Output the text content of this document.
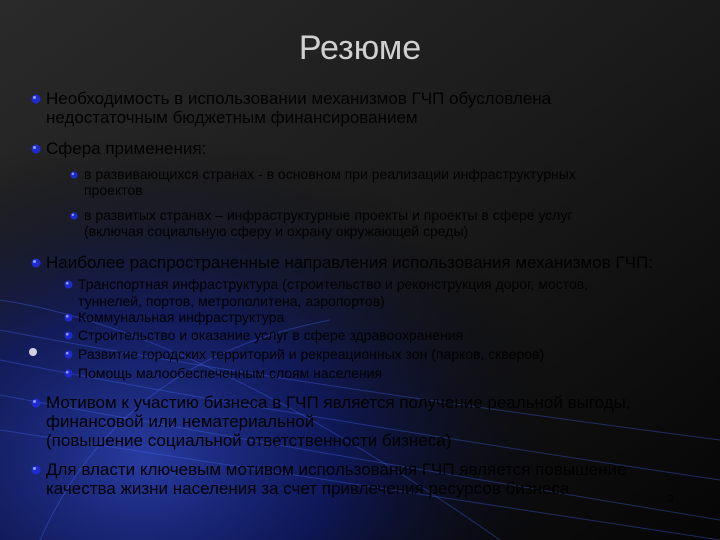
Резюме
Необходимость в использовании механизмов ГЧП обусловлена
недостаточным бюджетным финансированием
Сфера применения:
в развивающихся странах - в основном при реализации инфраструктурных
проектов
в развитых странах – инфраструктурные проекты и проекты в сфере услуг
(включая социальную сферу и охрану окружающей среды)
Наиболее распространенные направления использования механизмов ГЧП:
Транспортная инфраструктура (строительство и реконструкция дорог, мостов,
туннелей, портов, метрополитена, аэропортов)
Коммунальная инфраструктура
Строительство и оказание услуг в сфере здравоохранения
Развитие городских территорий и рекреационных зон (парков, скверов)
Помощь малообеспеченным слоям населения
Мотивом к участию бизнеса в ГЧП является получение реальной выгоды,
финансовой или нематериальной
(повышение социальной ответственности бизнеса)
Для власти ключевым мотивом использования ГЧП является повышение
качества жизни населения за счет привлечения ресурсов бизнеса
2
